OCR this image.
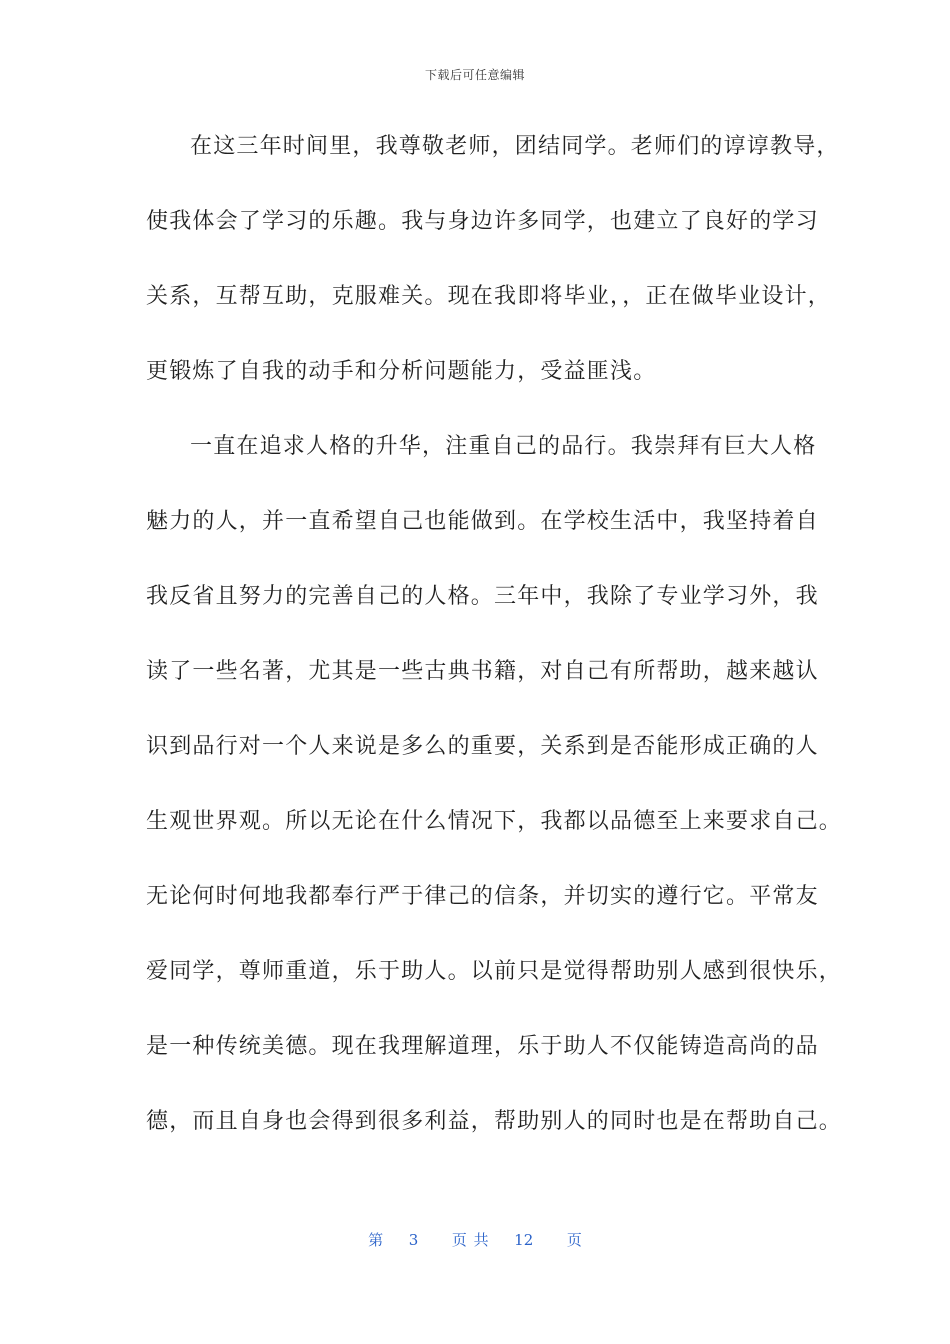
下载后可任意编辑
在这三年时间里，我尊敬老师，团结同学。老师们的谆谆教导，
使我体会了学习的乐趣。我与身边许多同学，也建立了良好的学习
关系，互帮互助，克服难关。现在我即将毕业，，正在做毕业设计，
更锻炼了自我的动手和分析问题能力，受益匪浅。
一直在追求人格的升华，注重自己的品行。我崇拜有巨大人格
魅力的人，并一直希望自己也能做到。在学校生活中，我坚持着自
我反省且努力的完善自己的人格。三年中，我除了专业学习外，我
读了一些名著，尤其是一些古典书籍，对自己有所帮助，越来越认
识到品行对一个人来说是多么的重要，关系到是否能形成正确的人
生观世界观。所以无论在什么情况下，我都以品德至上来要求自己。
无论何时何地我都奉行严于律己的信条，并切实的遵行它。平常友
爱同学，尊师重道，乐于助人。以前只是觉得帮助别人感到很快乐，
是一种传统美德。现在我理解道理，乐于助人不仅能铸造高尚的品
德，而且自身也会得到很多利益，帮助别人的同时也是在帮助自己。
第 3 页 共 12 页
